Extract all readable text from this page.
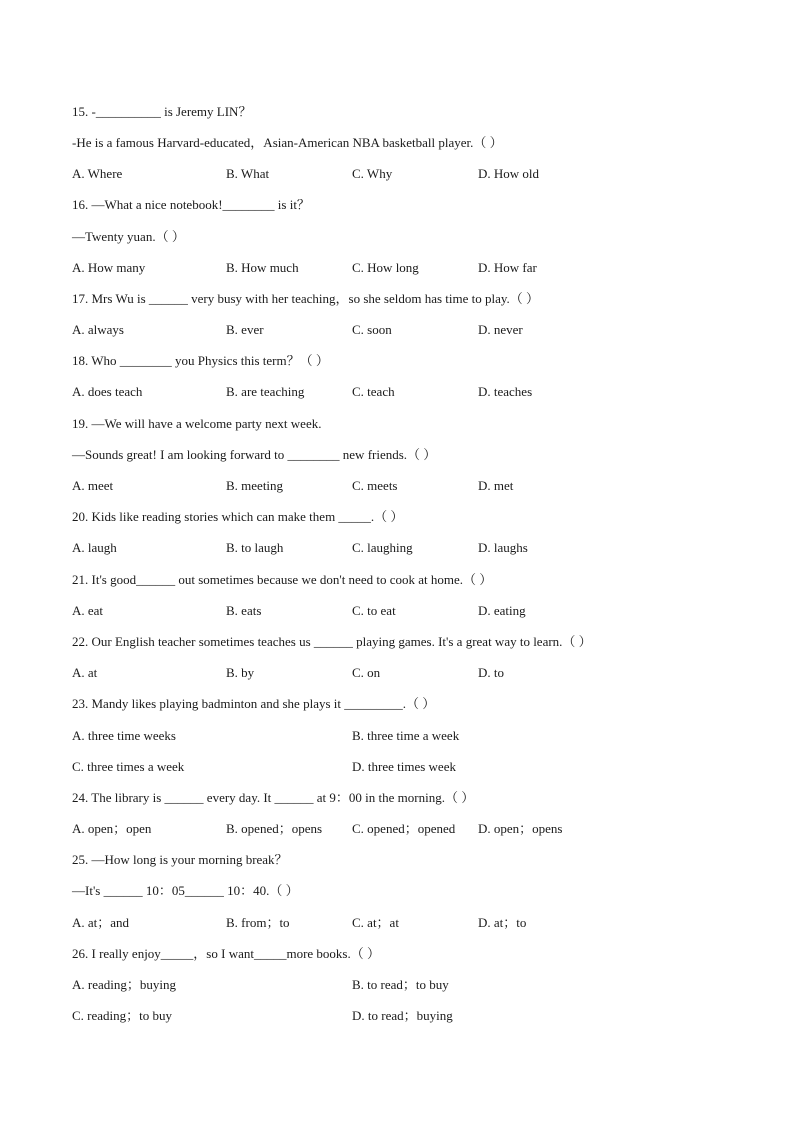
15. -__________ is Jeremy LIN？
-He is a famous Harvard-educated，Asian-American NBA basketball player.（ ）
A. Where	B. What	C. Why	D. How old
16. —What a nice notebook!________ is it？
—Twenty yuan.（ ）
A. How many	B. How much	C. How long	D. How far
17. Mrs Wu is ______ very busy with her teaching，so she seldom has time to play.（ ）
A. always	B. ever	C. soon	D. never
18. Who ________ you Physics this term？（ ）
A. does teach	B. are teaching	C. teach	D. teaches
19. —We will have a welcome party next week.
—Sounds great! I am looking forward to ________ new friends.（ ）
A. meet	B. meeting	C. meets	D. met
20. Kids like reading stories which can make them _____.（ ）
A. laugh	B. to laugh	C. laughing	D. laughs
21. It's good______ out sometimes because we don't need to cook at home.（ ）
A. eat	B. eats	C. to eat	D. eating
22. Our English teacher sometimes teaches us ______ playing games. It's a great way to learn.（ ）
A. at	B. by	C. on	D. to
23. Mandy likes playing badminton and she plays it _________.（ ）
A. three time weeks	B. three time a week
C. three times a week	D. three times week
24. The library is ______ every day. It ______ at 9：00 in the morning.（ ）
A. open；open	B. opened；opens C. opened；opened D. open；opens
25. —How long is your morning break？
—It's ______ 10：05______ 10：40.（ ）
A. at；and	B. from；to	C. at；at	D. at；to
26. I really enjoy_____，so I want_____more books.（ ）
A. reading；buying	B. to read；to buy
C. reading；to buy	D. to read；buying
